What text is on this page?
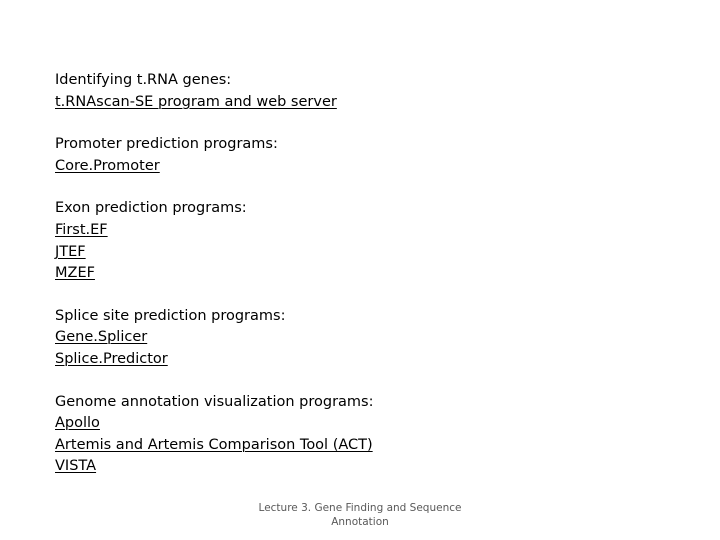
Identifying t.RNA genes:
t.RNAscan-SE program and web server
Promoter prediction programs:
Core.Promoter
Exon prediction programs:
First.EF
JTEF
MZEF
Splice site prediction programs:
Gene.Splicer
Splice.Predictor
Genome annotation visualization programs:
Apollo
Artemis and Artemis Comparison Tool (ACT)
VISTA
Lecture 3. Gene Finding and Sequence
Annotation
